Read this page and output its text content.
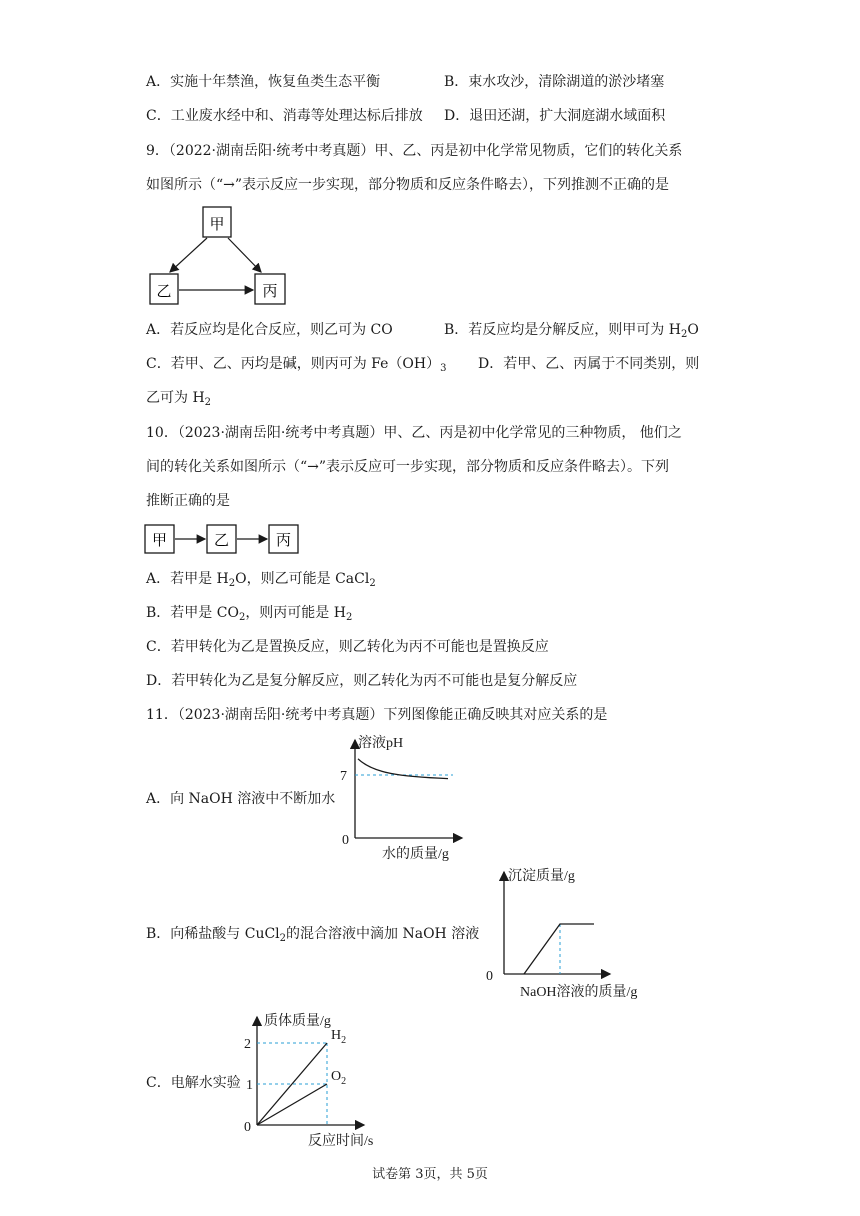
A．实施十年禁渔，恢复鱼类生态平衡	B．束水攻沙，清除湖道的淤沙堵塞
C．工业废水经中和、消毒等处理达标后排放 D．退田还湖，扩大洞庭湖水域面积
9．（2022·湖南岳阳·统考中考真题）甲、乙、丙是初中化学常见物质，它们的转化关系
如图所示（“→”表示反应一步实现，部分物质和反应条件略去），下列推测不正确的是
甲
乙	丙
A．若反应均是化合反应，则乙可为 CO	B．若反应均是分解反应，则甲可为 $H_2O$
C．若甲、乙、丙均是碱，则丙可为 $Fe(OH)_3$ D．若甲、乙、丙属于不同类别，则
乙可为 $H_2$
10．（2023·湖南岳阳·统考中考真题）甲、乙、丙是初中化学常见的三种物质， 他们之
间的转化关系如图所示（“→”表示反应可一步实现，部分物质和反应条件略去）。下列
推断正确的是
甲	乙	丙
A．若甲是 $H_2O$，则乙可能是 CaCl$_2$
B．若甲是 $CO_2$，则丙可能是 $H_2$
C．若甲转化为乙是置换反应，则乙转化为丙不可能也是置换反应
D．若甲转化为乙是复分解反应，则乙转化为丙不可能也是复分解反应
11．（2023·湖南岳阳·统考中考真题）下列图像能正确反映其对应关系的是
A．向 NaOH 溶液中不断加水
B．向稀盐酸与 CuCl$_2$的混合溶液中滴加 NaOH 溶液
C．电解水实验
溶液pH
水的质量/g
0
7
沉淀质量/g
NaOH溶液的质量/g
0
质体质量/g
反应时间/s
0
2
1
$H_2$
$O_2$
试卷第 3页，共 5页
